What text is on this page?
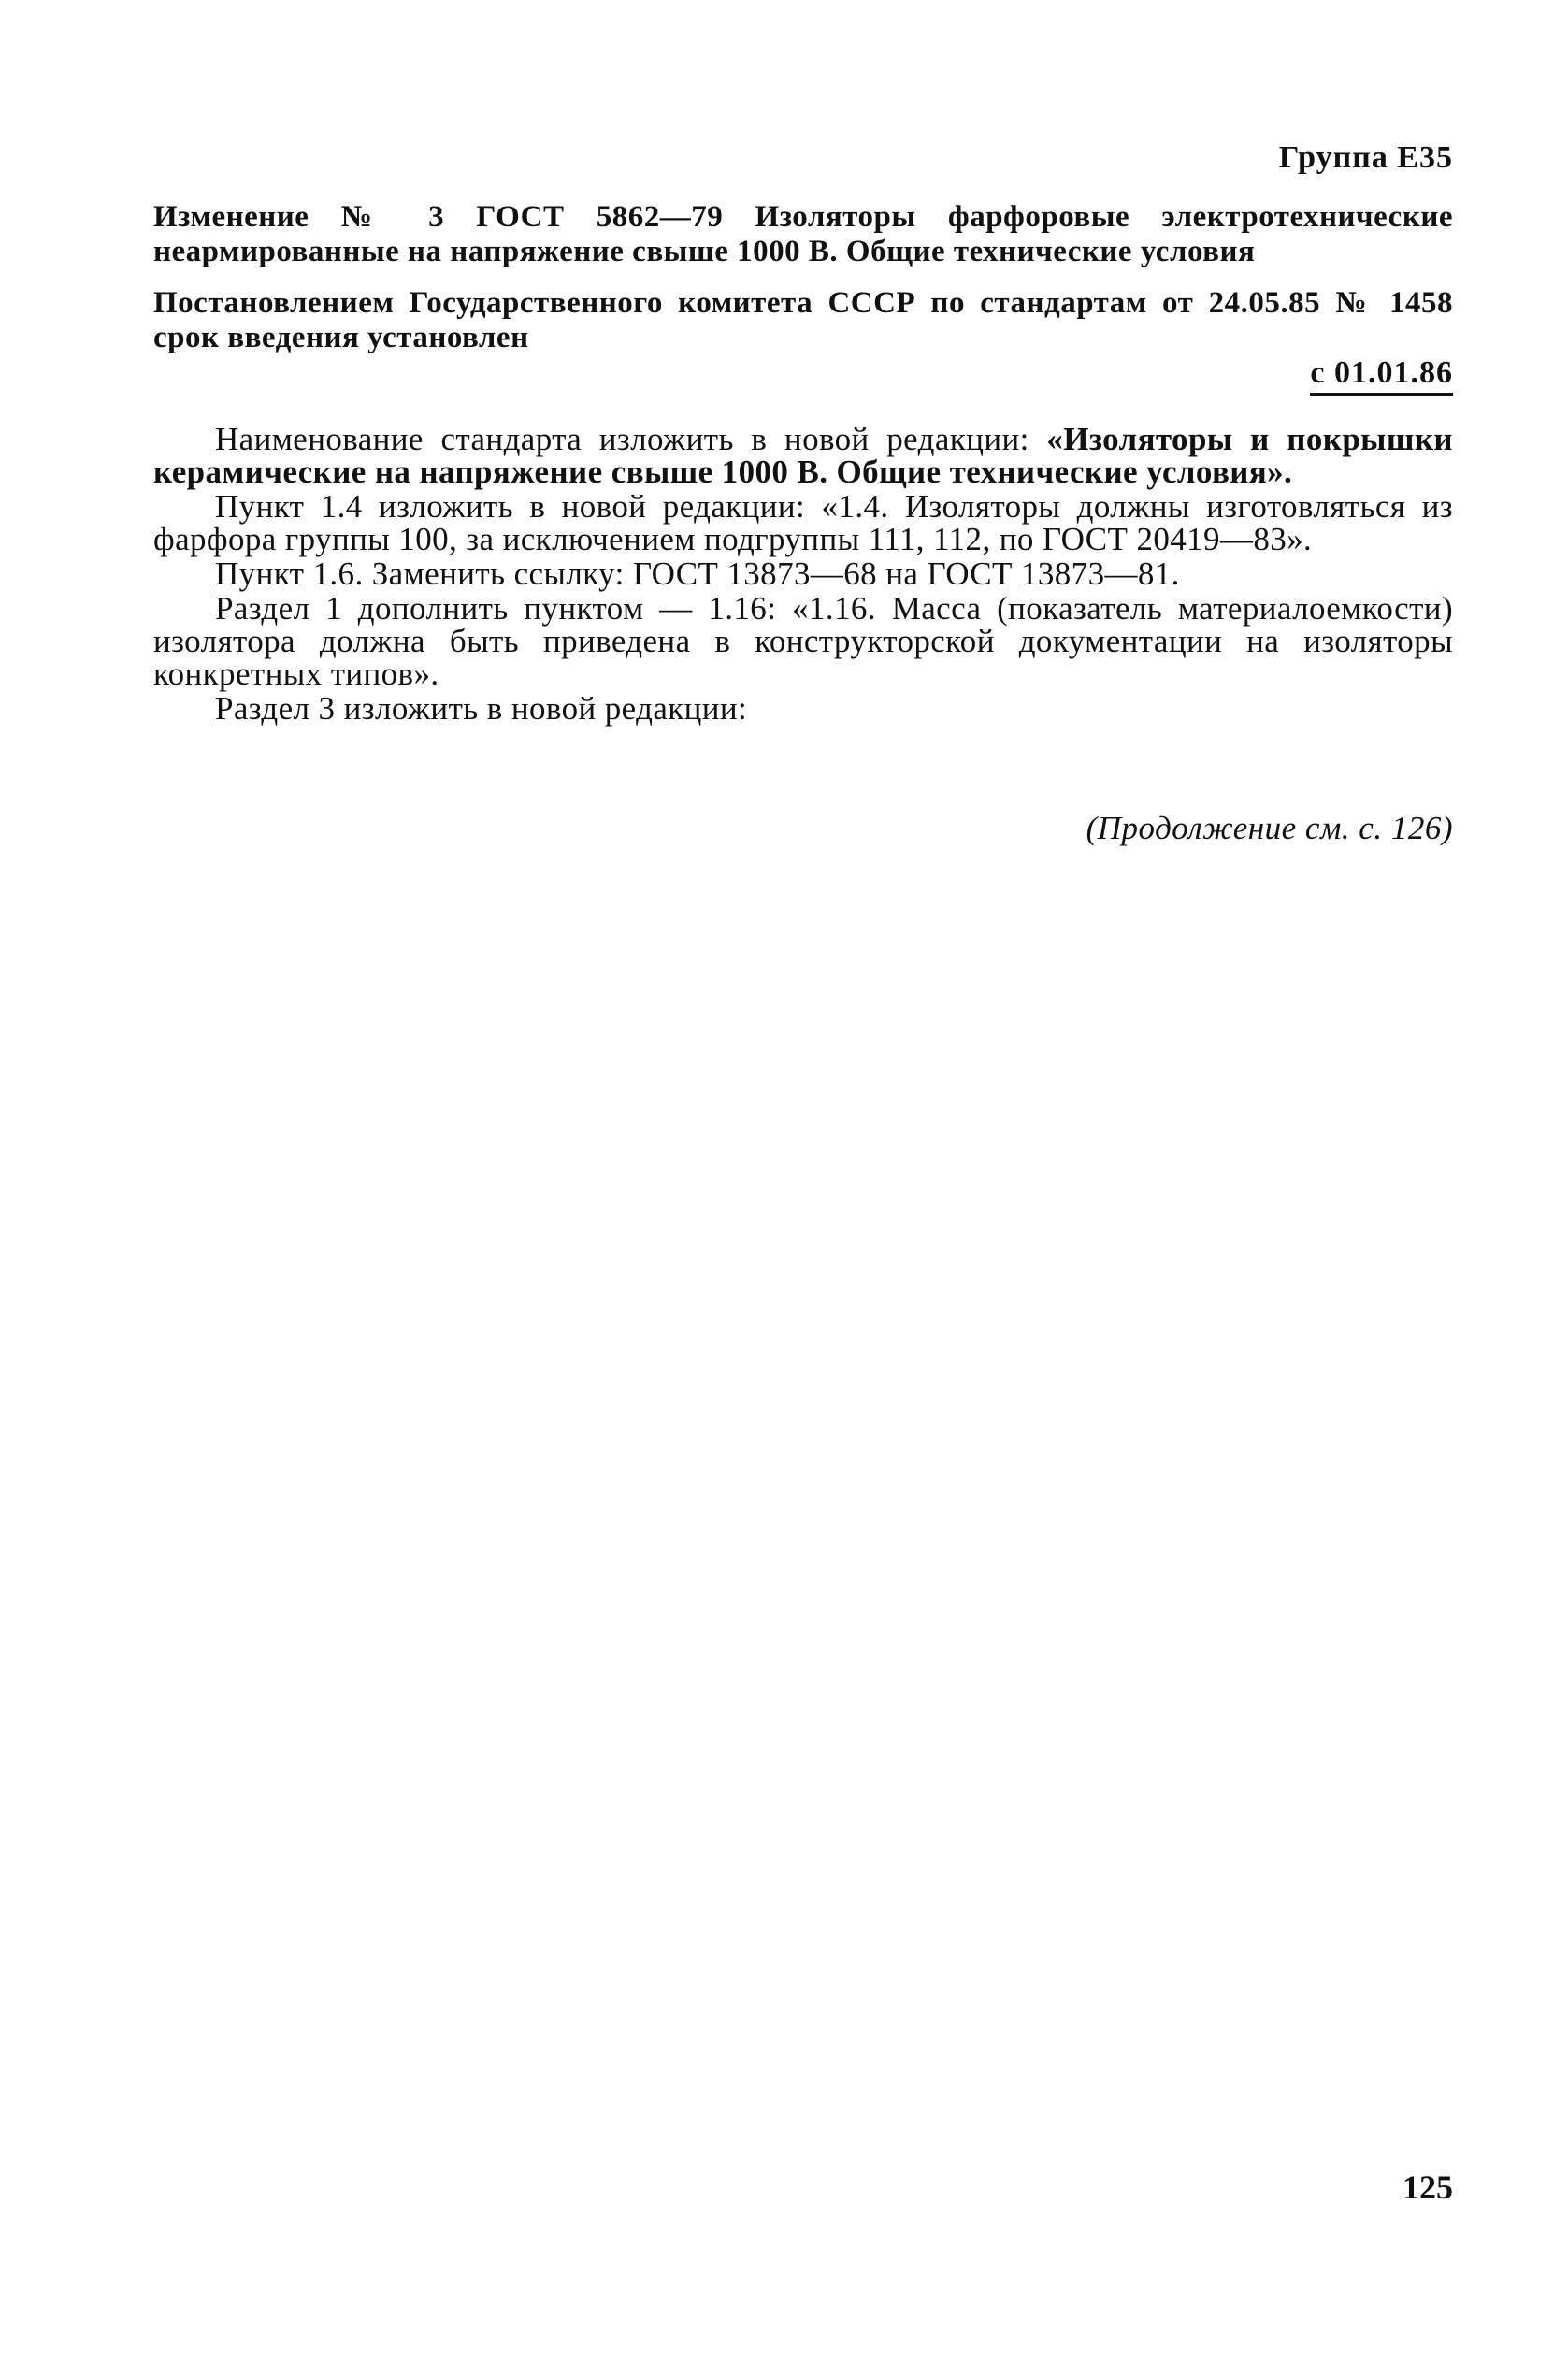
Группа Е35
Изменение № 3 ГОСТ 5862—79 Изоляторы фарфоровые электротехнические неармированные на напряжение свыше 1000 В. Общие технические условия
Постановлением Государственного комитета СССР по стандартам от 24.05.85 № 1458 срок введения установлен
с 01.01.86

Наименование стандарта изложить в новой редакции: «Изоляторы и покрышки керамические на напряжение свыше 1000 В. Общие технические условия».

Пункт 1.4 изложить в новой редакции: «1.4. Изоляторы должны изготовляться из фарфора группы 100, за исключением подгруппы 111, 112, по ГОСТ 20419—83».

Пункт 1.6. Заменить ссылку: ГОСТ 13873—68 на ГОСТ 13873—81.

Раздел 1 дополнить пунктом — 1.16: «1.16. Масса (показатель материалоемкости) изолятора должна быть приведена в конструкторской документации на изоляторы конкретных типов».

Раздел 3 изложить в новой редакции:

(Продолжение см. с. 126)
125
